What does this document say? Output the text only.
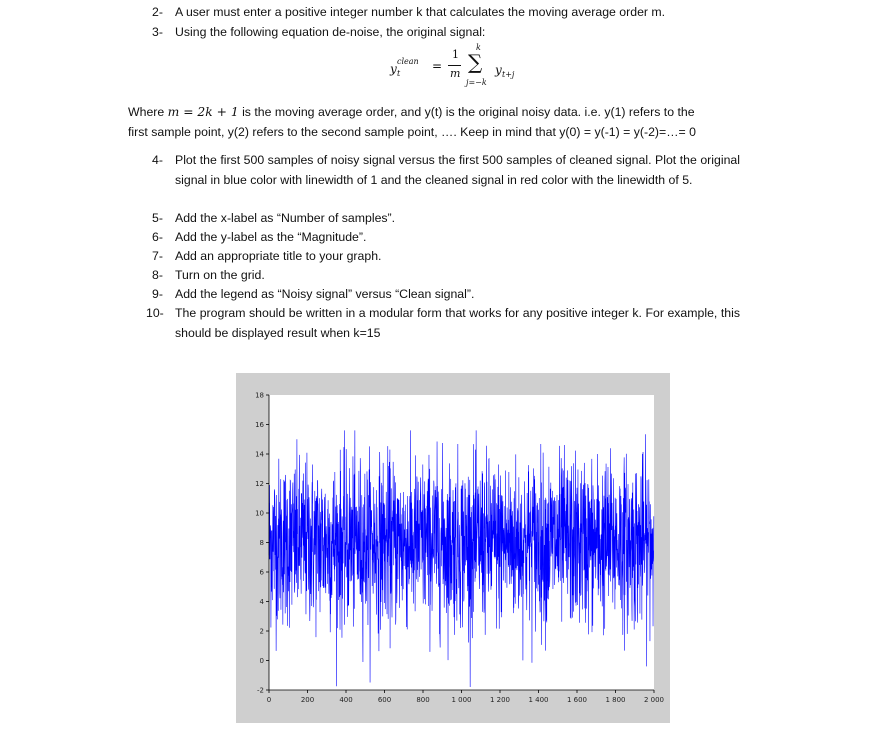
2- A user must enter a positive integer number k that calculates the moving average order m.
3- Using the following equation de-noise, the original signal:
y
clean
t
=
1
m
k
∑
j=−k
y t+j
Where m = 2k + 1 is the moving average order, and y(t) is the original noisy data. i.e. y(1) refers to the
first sample point, y(2) refers to the second sample point, …. Keep in mind that y(0) = y(-1) = y(-2)=…= 0
4- Plot the first 500 samples of noisy signal versus the first 500 samples of cleaned signal. Plot the original signal in blue color with linewidth of 1 and the cleaned signal in red color with the linewidth of 5.
5- Add the x-label as “Number of samples”.
6- Add the y-label as the “Magnitude”.
7- Add an appropriate title to your graph.
8- Turn on the grid.
9- Add the legend as “Noisy signal” versus “Clean signal”.
10- The program should be written in a modular form that works for any positive integer k. For example, this should be displayed result when k=15
-2
0
2
4
6
8
10
12
14
16
18
0	200	400	600	800	1 000	1 200	1 400	1 600	1 800	2 000
